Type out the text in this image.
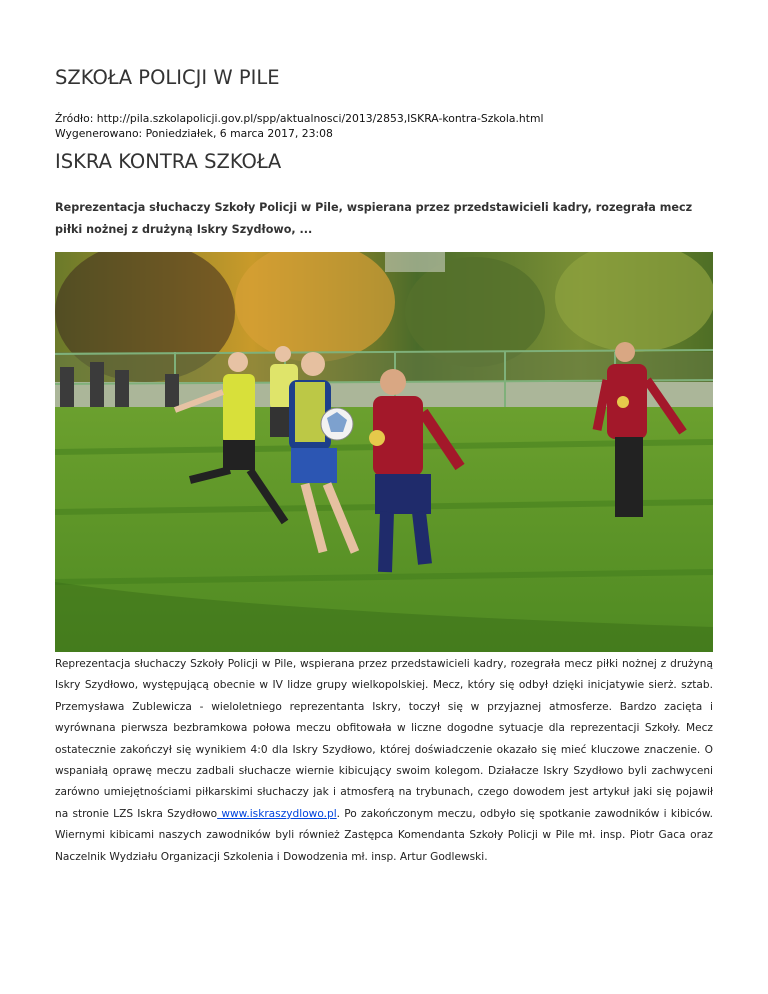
SZKOŁA POLICJI W PILE
Źródło: http://pila.szkolapolicji.gov.pl/spp/aktualnosci/2013/2853,ISKRA-kontra-Szkola.html
Wygenerowano: Poniedziałek, 6 marca 2017, 23:08
ISKRA KONTRA SZKOŁA
Reprezentacja słuchaczy Szkoły Policji w Pile, wspierana przez przedstawicieli kadry, rozegrała mecz piłki nożnej z drużyną Iskry Szydłowo, ...
Reprezentacja słuchaczy Szkoły Policji w Pile, wspierana przez przedstawicieli kadry, rozegrała mecz piłki nożnej z drużyną Iskry Szydłowo, występującą obecnie w IV lidze grupy wielkopolskiej. Mecz, który się odbył dzięki inicjatywie sierż. sztab. Przemysława Zublewicza - wieloletniego reprezentanta Iskry, toczył się w przyjaznej atmosferze. Bardzo zacięta i wyrównana pierwsza bezbramkowa połowa meczu obfitowała w liczne dogodne sytuacje dla reprezentacji Szkoły. Mecz ostatecznie zakończył się wynikiem 4:0 dla Iskry Szydłowo, której doświadczenie okazało się mieć kluczowe znaczenie. O wspaniałą oprawę meczu zadbali słuchacze wiernie kibicujący swoim kolegom. Działacze Iskry Szydłowo byli zachwyceni zarówno umiejętnościami piłkarskimi słuchaczy jak i atmosferą na trybunach, czego dowodem jest artykuł jaki się pojawił na stronie LZS Iskra Szydłowo www.iskraszydlowo.pl. Po zakończonym meczu, odbyło się spotkanie zawodników i kibiców. Wiernymi kibicami naszych zawodników byli również Zastępca Komendanta Szkoły Policji w Pile mł. insp. Piotr Gaca oraz Naczelnik Wydziału Organizacji Szkolenia i Dowodzenia mł. insp. Artur Godlewski.
